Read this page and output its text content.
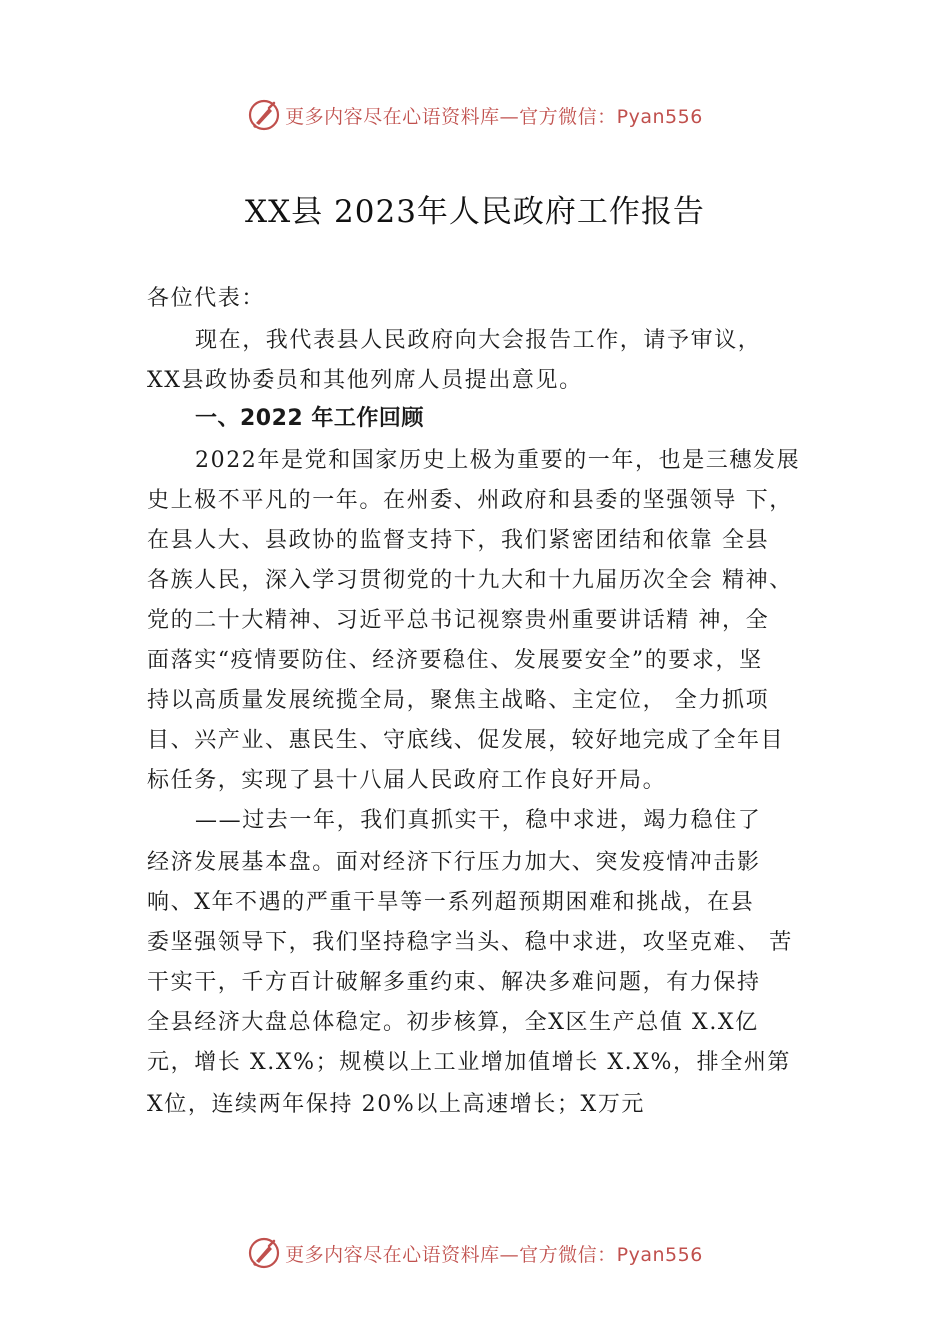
更多内容尽在心语资料库—官方微信：Pyan556
XX县 2023年人民政府工作报告
各位代表：
现在，我代表县人民政府向大会报告工作，请予审议，
XX县政协委员和其他列席人员提出意见。
一、2022 年工作回顾
2022年是党和国家历史上极为重要的一年，也是三穗发展
史上极不平凡的一年。在州委、州政府和县委的坚强领导 下，
在县人大、县政协的监督支持下，我们紧密团结和依靠 全县
各族人民，深入学习贯彻党的十九大和十九届历次全会 精神、
党的二十大精神、习近平总书记视察贵州重要讲话精 神，全
面落实“疫情要防住、经济要稳住、发展要安全”的要求，坚
持以高质量发展统揽全局，聚焦主战略、主定位， 全力抓项
目、兴产业、惠民生、守底线、促发展，较好地完成了全年目
标任务，实现了县十八届人民政府工作良好开局。
——过去一年，我们真抓实干，稳中求进，竭力稳住了
经济发展基本盘。面对经济下行压力加大、突发疫情冲击影
响、X年不遇的严重干旱等一系列超预期困难和挑战，在县
委坚强领导下，我们坚持稳字当头、稳中求进，攻坚克难、 苦
干实干，千方百计破解多重约束、解决多难问题，有力保持
全县经济大盘总体稳定。初步核算，全X区生产总值 X.X亿
元，增长 X.X%；规模以上工业增加值增长 X.X%，排全州第
X位，连续两年保持 20%以上高速增长；X万元
更多内容尽在心语资料库—官方微信：Pyan556
